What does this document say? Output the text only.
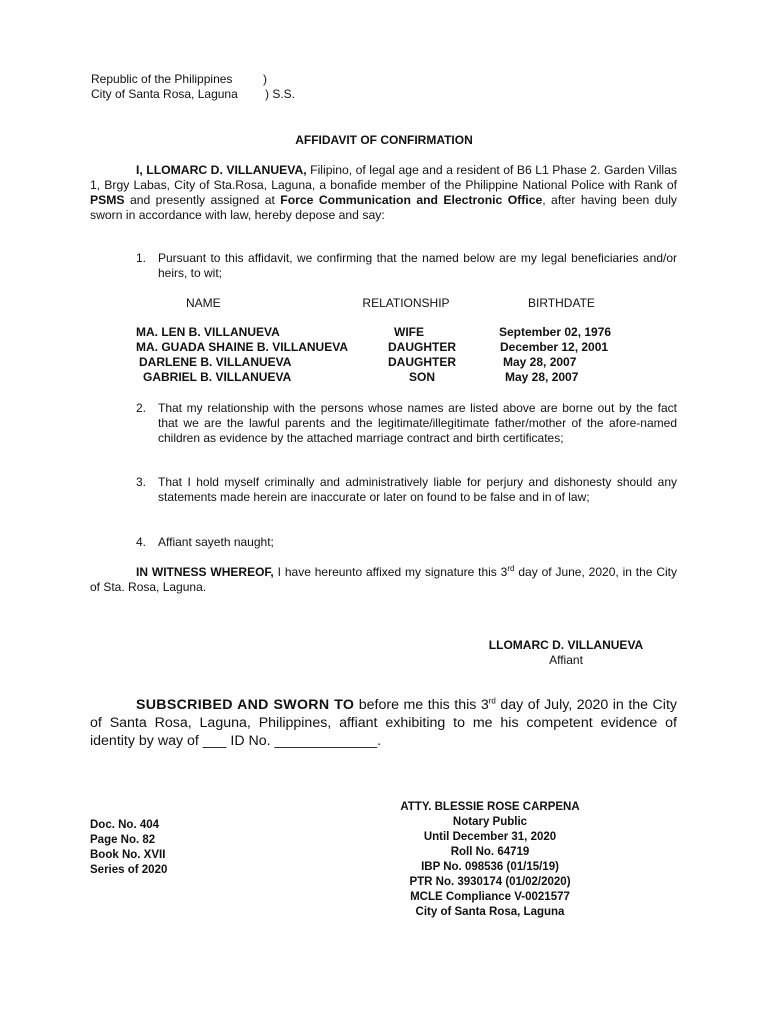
Republic of the Philippines	)
City of Santa Rosa, Laguna	) S.S.
AFFIDAVIT OF CONFIRMATION
I, LLOMARC D. VILLANUEVA, Filipino, of legal age and a resident of B6 L1 Phase 2. Garden Villas 1, Brgy Labas, City of Sta.Rosa, Laguna, a bonafide member of the Philippine National Police with Rank of PSMS and presently assigned at Force Communication and Electronic Office, after having been duly sworn in accordance with law, hereby depose and say:
1. Pursuant to this affidavit, we confirming that the named below are my legal beneficiaries and/or heirs, to wit;
NAME	RELATIONSHIP	BIRTHDATE
MA. LEN B. VILLANUEVA	WIFE	September 02, 1976
MA. GUADA SHAINE B. VILLANUEVA	DAUGHTER	December 12, 2001
DARLENE B. VILLANUEVA	DAUGHTER	May 28, 2007
GABRIEL B. VILLANUEVA	SON	May 28, 2007
2. That my relationship with the persons whose names are listed above are borne out by the fact that we are the lawful parents and the legitimate/illegitimate father/mother of the afore-named children as evidence by the attached marriage contract and birth certificates;
3. That I hold myself criminally and administratively liable for perjury and dishonesty should any statements made herein are inaccurate or later on found to be false and in of law;
4. Affiant sayeth naught;
IN WITNESS WHEREOF, I have hereunto affixed my signature this 3rd day of June, 2020, in the City of Sta. Rosa, Laguna.
LLOMARC D. VILLANUEVA
Affiant
SUBSCRIBED AND SWORN TO before me this this 3rd day of July, 2020 in the City of Santa Rosa, Laguna, Philippines, affiant exhibiting to me his competent evidence of identity by way of ___ ID No. _____________.
ATTY. BLESSIE ROSE CARPENA
Notary Public
Until December 31, 2020
Roll No. 64719
IBP No. 098536 (01/15/19)
PTR No. 3930174 (01/02/2020)
MCLE Compliance V-0021577
City of Santa Rosa, Laguna
Doc. No. 404
Page No. 82
Book No. XVII
Series of 2020
